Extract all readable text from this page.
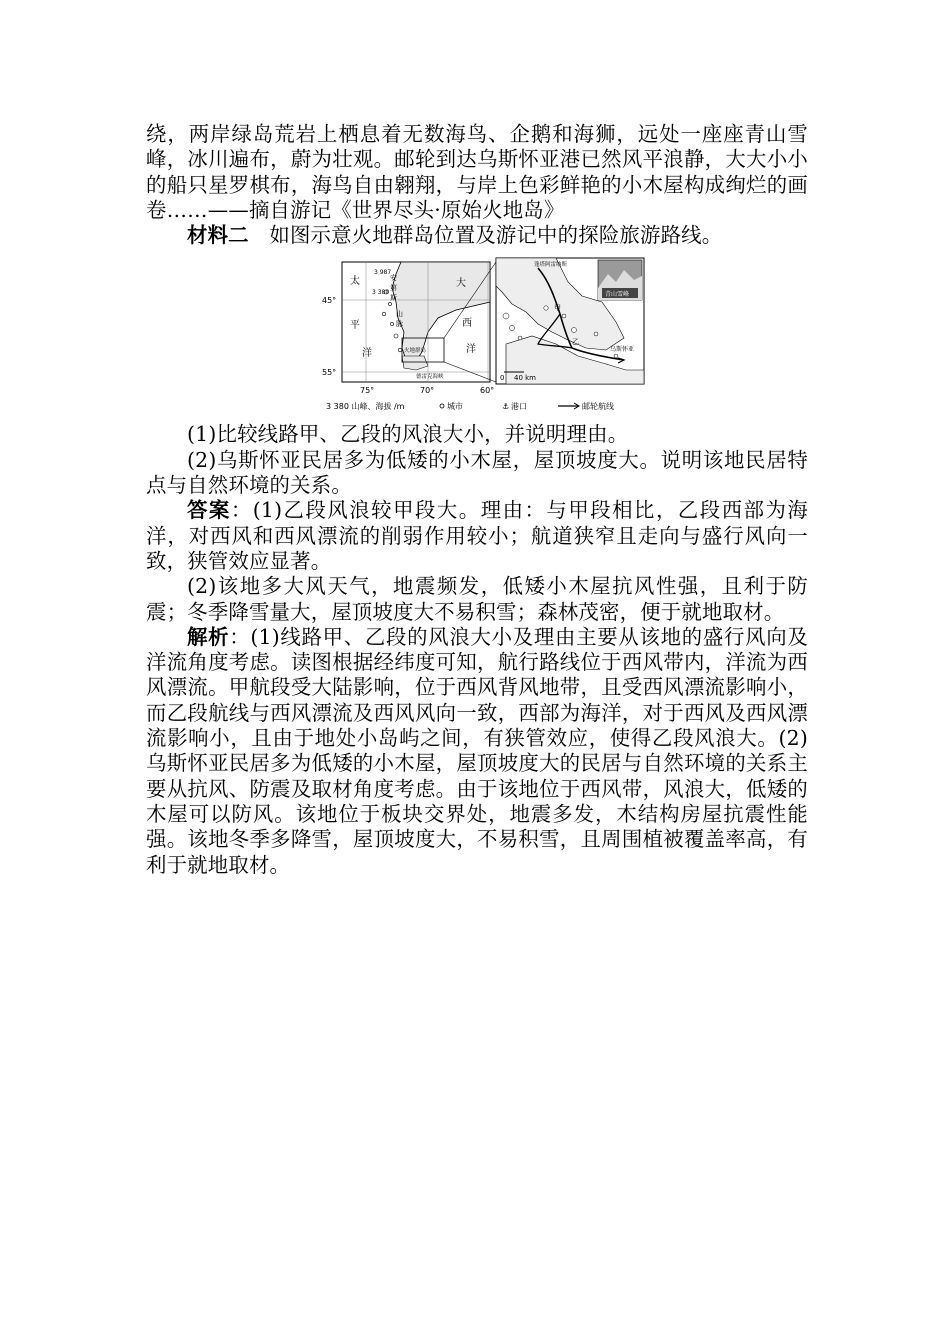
绕，两岸绿岛荒岩上栖息着无数海鸟、企鹅和海狮，远处一座座青山雪峰，冰川遍布，蔚为壮观。邮轮到达乌斯怀亚港已然风平浪静，大大小小的船只星罗棋布，海鸟自由翱翔，与岸上色彩鲜艳的小木屋构成绚烂的画卷……——摘自游记《世界尽头·原始火地岛》

材料二  如图示意火地群岛位置及游记中的探险旅游路线。

太
平
洋
大
西
洋
3 987
3 380
安
第
斯
山
脉
火地群岛
德雷克海峡
45°
55°
75°	70°	60°
青山雪峰
蓬塔阿雷纳斯
甲
乙
乌斯怀亚
0 40 km
3 380 山峰、海拔 /m	城市	⚓ 港口	邮轮航线

(1)比较线路甲、乙段的风浪大小，并说明理由。

(2)乌斯怀亚民居多为低矮的小木屋，屋顶坡度大。说明该地民居特点与自然环境的关系。

答案：(1)乙段风浪较甲段大。理由：与甲段相比，乙段西部为海洋，对西风和西风漂流的削弱作用较小；航道狭窄且走向与盛行风向一致，狭管效应显著。

(2)该地多大风天气，地震频发，低矮小木屋抗风性强，且利于防震；冬季降雪量大，屋顶坡度大不易积雪；森林茂密，便于就地取材。

解析：(1)线路甲、乙段的风浪大小及理由主要从该地的盛行风向及洋流角度考虑。读图根据经纬度可知，航行路线位于西风带内，洋流为西风漂流。甲航段受大陆影响，位于西风背风地带，且受西风漂流影响小，而乙段航线与西风漂流及西风风向一致，西部为海洋，对于西风及西风漂流影响小，且由于地处小岛屿之间，有狭管效应，使得乙段风浪大。(2)乌斯怀亚民居多为低矮的小木屋，屋顶坡度大的民居与自然环境的关系主要从抗风、防震及取材角度考虑。由于该地位于西风带，风浪大，低矮的木屋可以防风。该地位于板块交界处，地震多发，木结构房屋抗震性能强。该地冬季多降雪，屋顶坡度大，不易积雪，且周围植被覆盖率高，有利于就地取材。
